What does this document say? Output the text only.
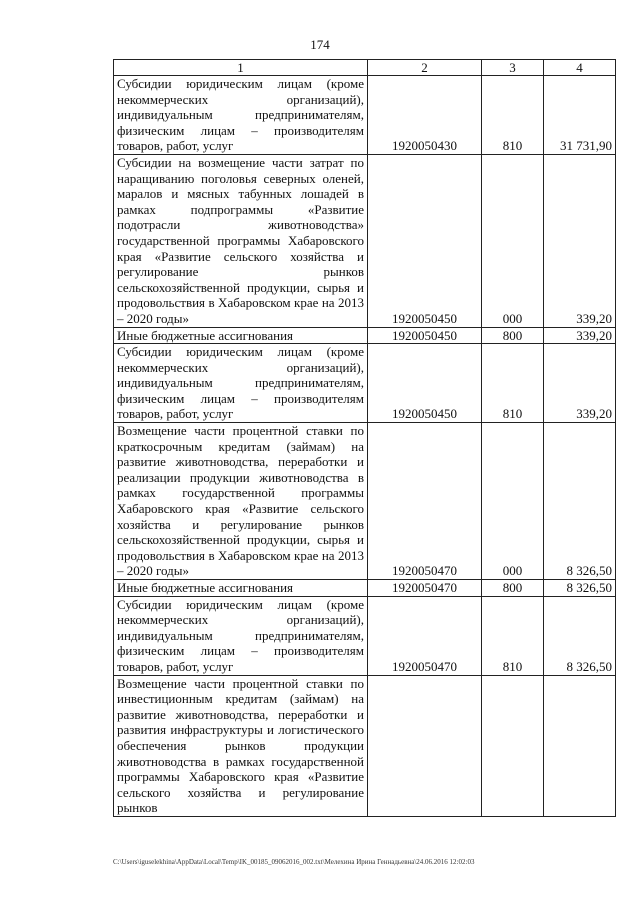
174
1	2	3	4
Субсидии юридическим лицам (кроме некоммерческих организаций), индивидуальным предпринимателям, физическим лицам – производителям товаров, работ, услуг	1920050430	810	31 731,90
Субсидии на возмещение части затрат по наращиванию поголовья северных оленей, маралов и мясных табунных лошадей в рамках подпрограммы «Развитие подотрасли животноводства» государственной программы Хабаровского края «Развитие сельского хозяйства и регулирование рынков сельскохозяйственной продукции, сырья и продовольствия в Хабаровском крае на 2013 – 2020 годы»	1920050450	000	339,20
Иные бюджетные ассигнования	1920050450	800	339,20
Субсидии юридическим лицам (кроме некоммерческих организаций), индивидуальным предпринимателям, физическим лицам – производителям товаров, работ, услуг	1920050450	810	339,20
Возмещение части процентной ставки по краткосрочным кредитам (займам) на развитие животноводства, переработки и реализации продукции животноводства в рамках государственной программы Хабаровского края «Развитие сельского хозяйства и регулирование рынков сельскохозяйственной продукции, сырья и продовольствия в Хабаровском крае на 2013 – 2020 годы»	1920050470	000	8 326,50
Иные бюджетные ассигнования	1920050470	800	8 326,50
Субсидии юридическим лицам (кроме некоммерческих организаций), индивидуальным предпринимателям, физическим лицам – производителям товаров, работ, услуг	1920050470	810	8 326,50
Возмещение части процентной ставки по инвестиционным кредитам (займам) на развитие животноводства, переработки и развития инфраструктуры и логистического обеспечения рынков продукции животноводства в рамках государственной программы Хабаровского края «Развитие сельского хозяйства и регулирование рынков			
C:\Users\iguselekhina\AppData\Local\Temp\IK_00185_09062016_002.txt\Мелехина Ирина Геннадьевна\24.06.2016 12:02:03
